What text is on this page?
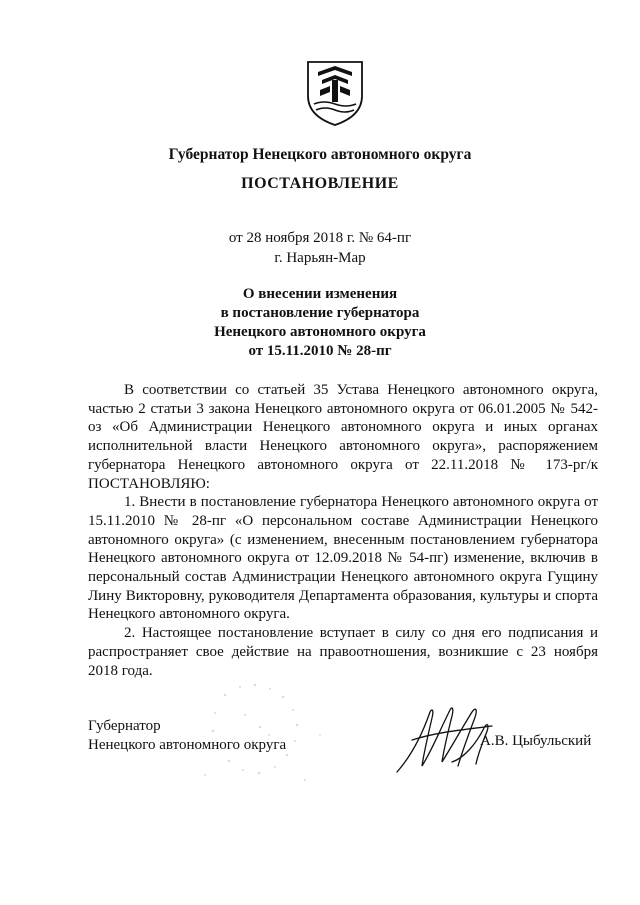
Губернатор Ненецкого автономного округа
ПОСТАНОВЛЕНИЕ
от 28 ноября 2018 г. № 64-пг
г. Нарьян-Мар
О внесении изменения
в постановление губернатора
Ненецкого автономного округа
от 15.11.2010 № 28-пг

В соответствии со статьей 35 Устава Ненецкого автономного округа, частью 2 статьи 3 закона Ненецкого автономного округа от 06.01.2005 № 542-оз «Об Администрации Ненецкого автономного округа и иных органах исполнительной власти Ненецкого автономного округа», распоряжением губернатора Ненецкого автономного округа от 22.11.2018 № 173-рг/к ПОСТАНОВЛЯЮ:

1. Внести в постановление губернатора Ненецкого автономного округа от 15.11.2010 № 28-пг «О персональном составе Администрации Ненецкого автономного округа» (с изменением, внесенным постановлением губернатора Ненецкого автономного округа от 12.09.2018 № 54-пг) изменение, включив в персональный состав Администрации Ненецкого автономного округа Гущину Лину Викторовну, руководителя Департамента образования, культуры и спорта Ненецкого автономного округа.

2. Настоящее постановление вступает в силу со дня его подписания и распространяет свое действие на правоотношения, возникшие с 23 ноября 2018 года.

Губернатор
Ненецкого автономного округа	А.В. Цыбульский
